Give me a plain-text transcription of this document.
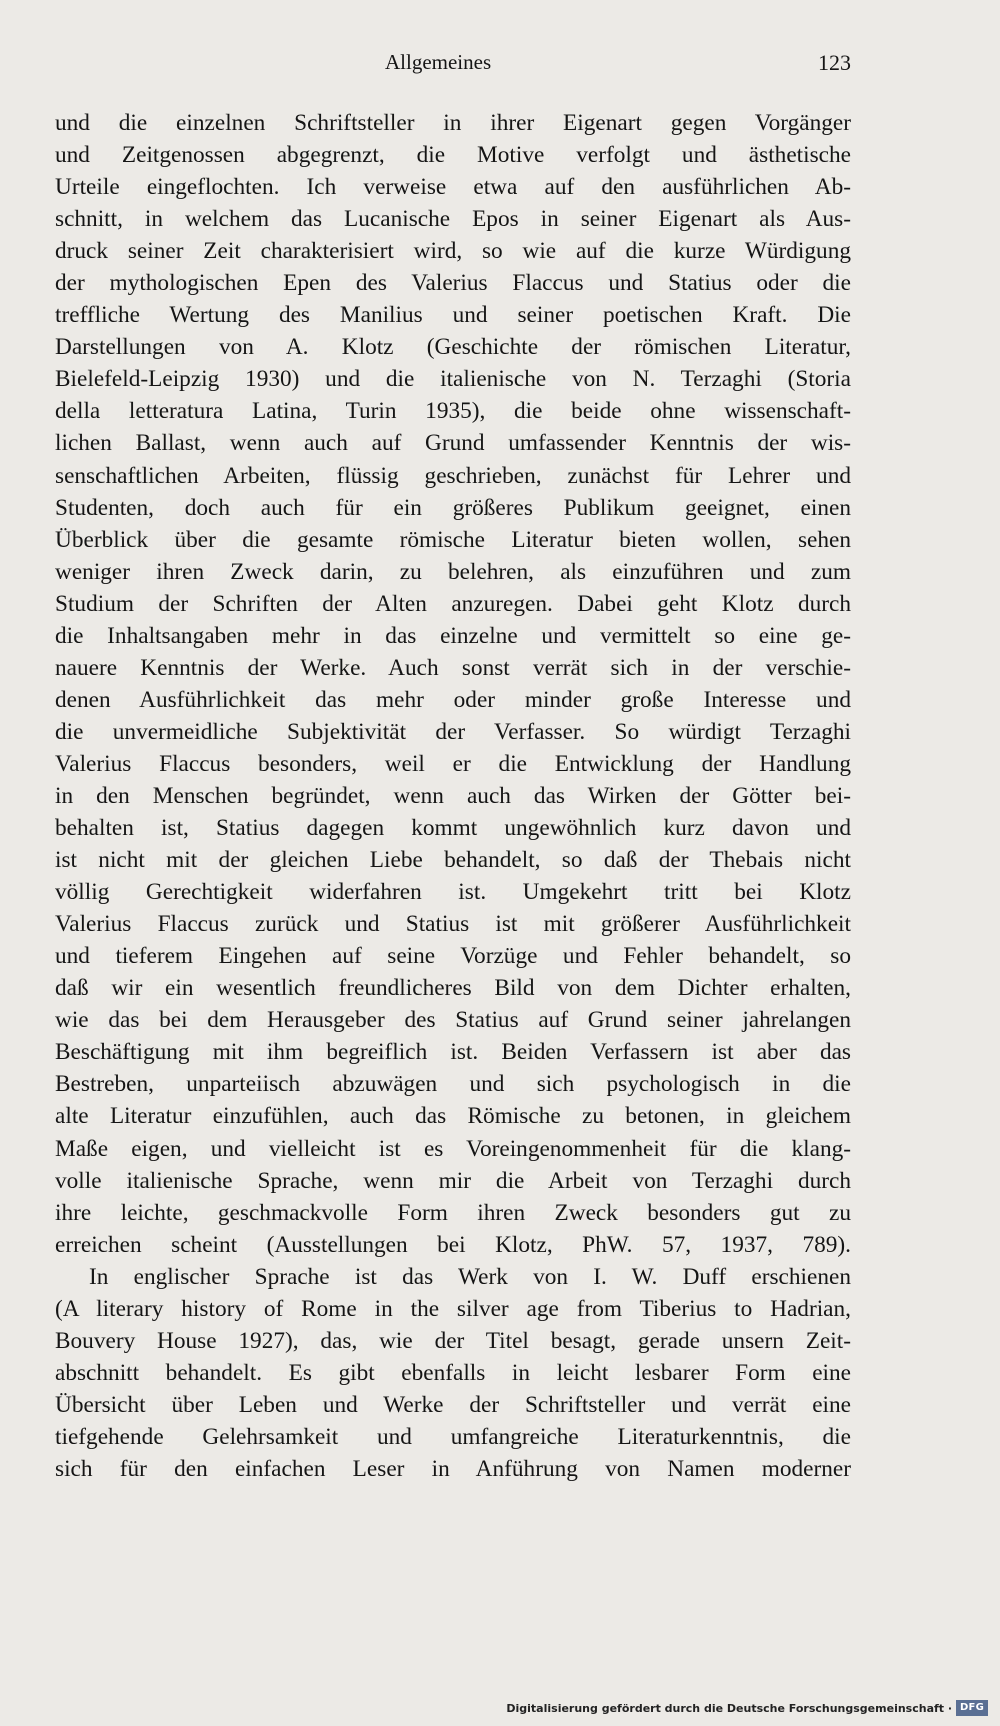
Allgemeines	123
und die einzelnen Schriftsteller in ihrer Eigenart gegen Vorgänger
und Zeitgenossen abgegrenzt, die Motive verfolgt und ästhetische
Urteile eingeflochten. Ich verweise etwa auf den ausführlichen Ab-
schnitt, in welchem das Lucanische Epos in seiner Eigenart als Aus-
druck seiner Zeit charakterisiert wird, so wie auf die kurze Würdigung
der mythologischen Epen des Valerius Flaccus und Statius oder die
treffliche Wertung des Manilius und seiner poetischen Kraft. Die
Darstellungen von A. Klotz (Geschichte der römischen Literatur,
Bielefeld-Leipzig 1930) und die italienische von N. Terzaghi (Storia
della letteratura Latina, Turin 1935), die beide ohne wissenschaft-
lichen Ballast, wenn auch auf Grund umfassender Kenntnis der wis-
senschaftlichen Arbeiten, flüssig geschrieben, zunächst für Lehrer und
Studenten, doch auch für ein größeres Publikum geeignet, einen
Überblick über die gesamte römische Literatur bieten wollen, sehen
weniger ihren Zweck darin, zu belehren, als einzuführen und zum
Studium der Schriften der Alten anzuregen. Dabei geht Klotz durch
die Inhaltsangaben mehr in das einzelne und vermittelt so eine ge-
nauere Kenntnis der Werke. Auch sonst verrät sich in der verschie-
denen Ausführlichkeit das mehr oder minder große Interesse und
die unvermeidliche Subjektivität der Verfasser. So würdigt Terzaghi
Valerius Flaccus besonders, weil er die Entwicklung der Handlung
in den Menschen begründet, wenn auch das Wirken der Götter bei-
behalten ist, Statius dagegen kommt ungewöhnlich kurz davon und
ist nicht mit der gleichen Liebe behandelt, so daß der Thebais nicht
völlig Gerechtigkeit widerfahren ist. Umgekehrt tritt bei Klotz
Valerius Flaccus zurück und Statius ist mit größerer Ausführlichkeit
und tieferem Eingehen auf seine Vorzüge und Fehler behandelt, so
daß wir ein wesentlich freundlicheres Bild von dem Dichter erhalten,
wie das bei dem Herausgeber des Statius auf Grund seiner jahrelangen
Beschäftigung mit ihm begreiflich ist. Beiden Verfassern ist aber das
Bestreben, unparteiisch abzuwägen und sich psychologisch in die
alte Literatur einzufühlen, auch das Römische zu betonen, in gleichem
Maße eigen, und vielleicht ist es Voreingenommenheit für die klang-
volle italienische Sprache, wenn mir die Arbeit von Terzaghi durch
ihre leichte, geschmackvolle Form ihren Zweck besonders gut zu
erreichen scheint (Ausstellungen bei Klotz, PhW. 57, 1937, 789).
In englischer Sprache ist das Werk von I. W. Duff erschienen
(A literary history of Rome in the silver age from Tiberius to Hadrian,
Bouvery House 1927), das, wie der Titel besagt, gerade unsern Zeit-
abschnitt behandelt. Es gibt ebenfalls in leicht lesbarer Form eine
Übersicht über Leben und Werke der Schriftsteller und verrät eine
tiefgehende Gelehrsamkeit und umfangreiche Literaturkenntnis, die
sich für den einfachen Leser in Anführung von Namen moderner
Digitalisierung gefördert durch die Deutsche Forschungsgemeinschaft · DFG
